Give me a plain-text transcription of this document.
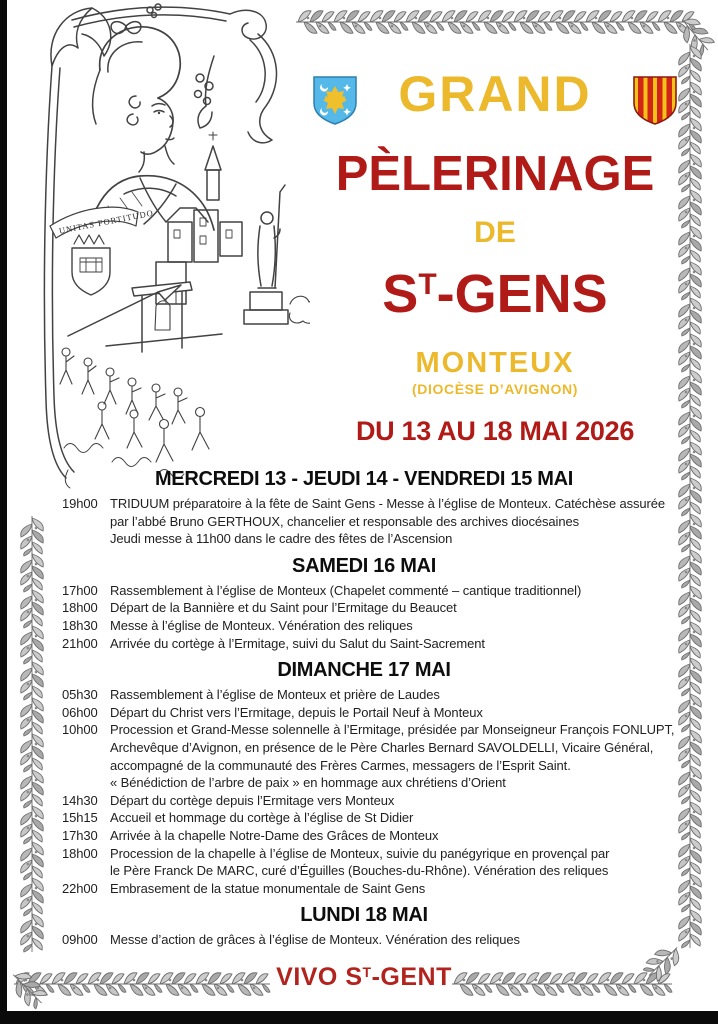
UNITAS FORTITUDO
GRAND
PÈLERINAGE
DE
$S^T$-GENS
MONTEUX
(DIOCÈSE D’AVIGNON)
DU 13 AU 18 MAI 2026
MERCREDI 13 - JEUDI 14 - VENDREDI 15 MAI
19h00 TRIDUUM préparatoire à la fête de Saint Gens - Messe à l’église de Monteux. Catéchèse assurée
par l’abbé Bruno GERTHOUX, chancelier et responsable des archives diocésaines
Jeudi messe à 11h00 dans le cadre des fêtes de l’Ascension
SAMEDI 16 MAI
17h00 Rassemblement à l’église de Monteux (Chapelet commenté – cantique traditionnel)
18h00 Départ de la Bannière et du Saint pour l’Ermitage du Beaucet
18h30 Messe à l’église de Monteux. Vénération des reliques
21h00 Arrivée du cortège à l’Ermitage, suivi du Salut du Saint-Sacrement
DIMANCHE 17 MAI
05h30 Rassemblement à l’église de Monteux et prière de Laudes
06h00 Départ du Christ vers l’Ermitage, depuis le Portail Neuf à Monteux
10h00 Procession et Grand-Messe solennelle à l’Ermitage, présidée par Monseigneur François FONLUPT,
Archevêque d’Avignon, en présence de le Père Charles Bernard SAVOLDELLI, Vicaire Général,
accompagné de la communauté des Frères Carmes, messagers de l’Esprit Saint.
« Bénédiction de l’arbre de paix » en hommage aux chrétiens d’Orient
14h30 Départ du cortège depuis l’Ermitage vers Monteux
15h15 Accueil et hommage du cortège à l’église de St Didier
17h30 Arrivée à la chapelle Notre-Dame des Grâces de Monteux
18h00 Procession de la chapelle à l’église de Monteux, suivie du panégyrique en provençal par
le Père Franck De MARC, curé d’Éguilles (Bouches-du-Rhône). Vénération des reliques
22h00 Embrasement de la statue monumentale de Saint Gens
LUNDI 18 MAI
09h00 Messe d’action de grâces à l’église de Monteux. Vénération des reliques
VIVO $S^T$-GENT
